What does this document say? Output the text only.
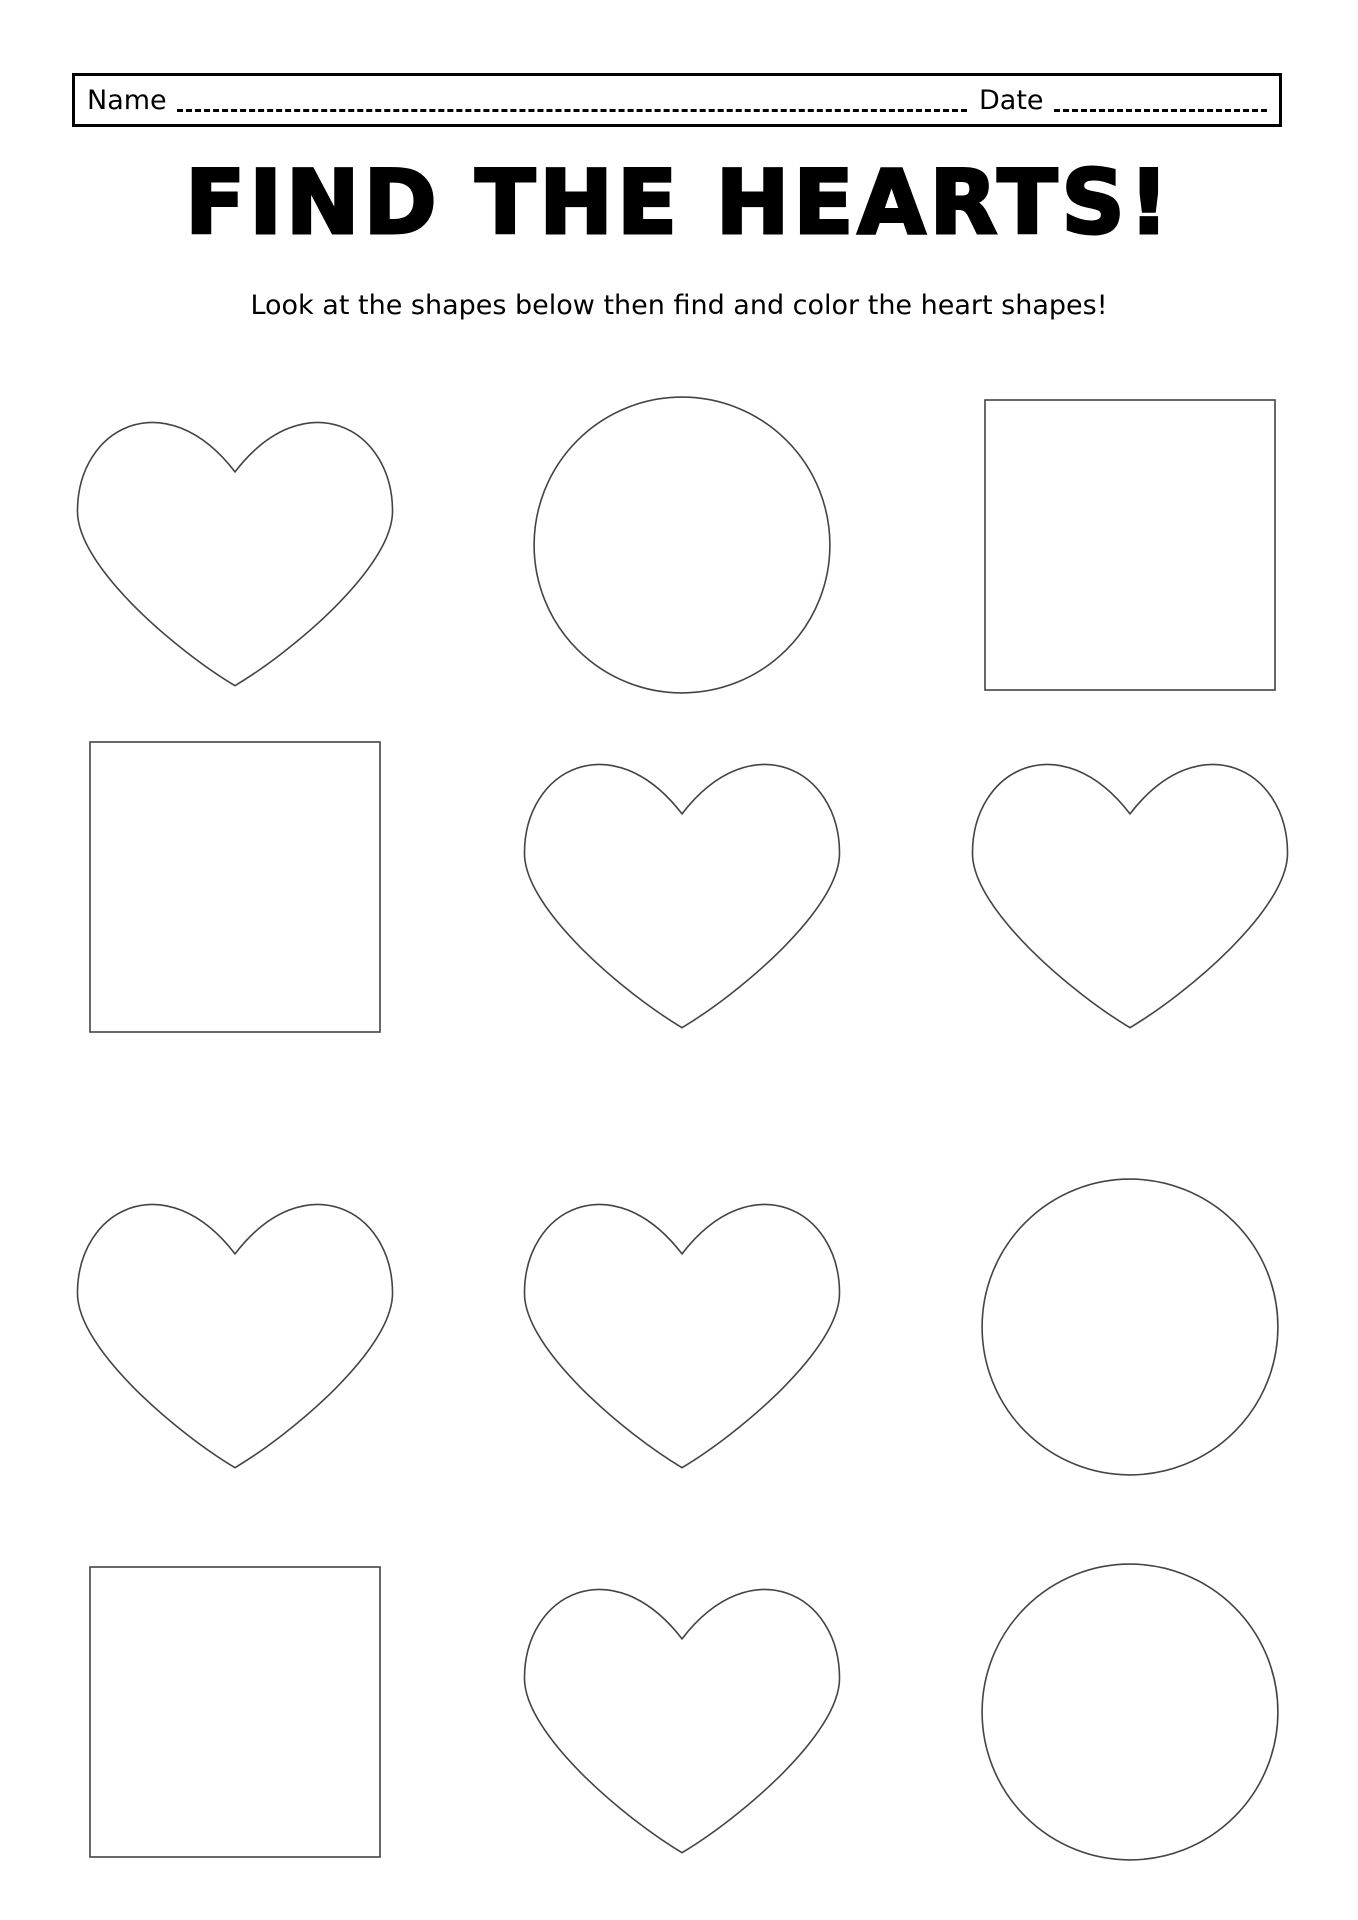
Name	Date
FIND THE HEARTS!
Look at the shapes below then find and color the heart shapes!
